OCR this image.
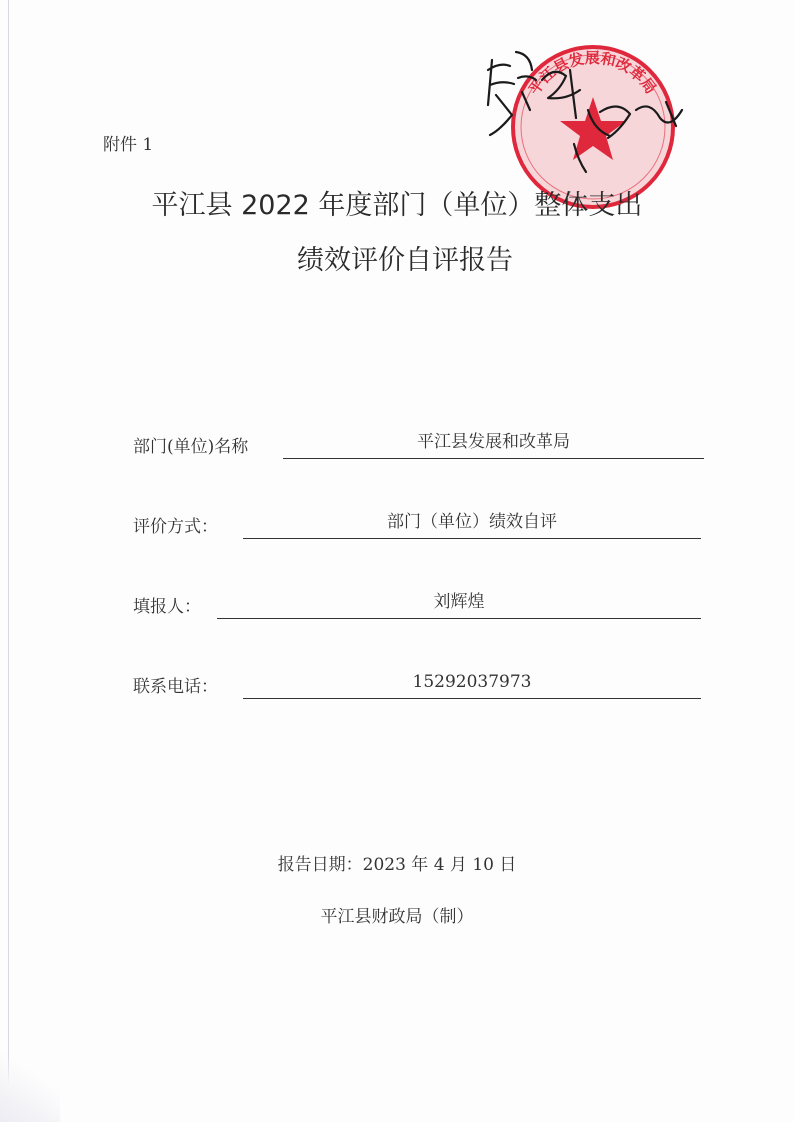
附件 1
平江县发展和改革局
平江县 2022 年度部门（单位）整体支出
绩效评价自评报告
部门(单位)名称	平江县发展和改革局
评价方式：	部门（单位）绩效自评
填报人：	刘辉煌
联系电话：	15292037973
报告日期：2023 年 4 月 10 日
平江县财政局（制）
